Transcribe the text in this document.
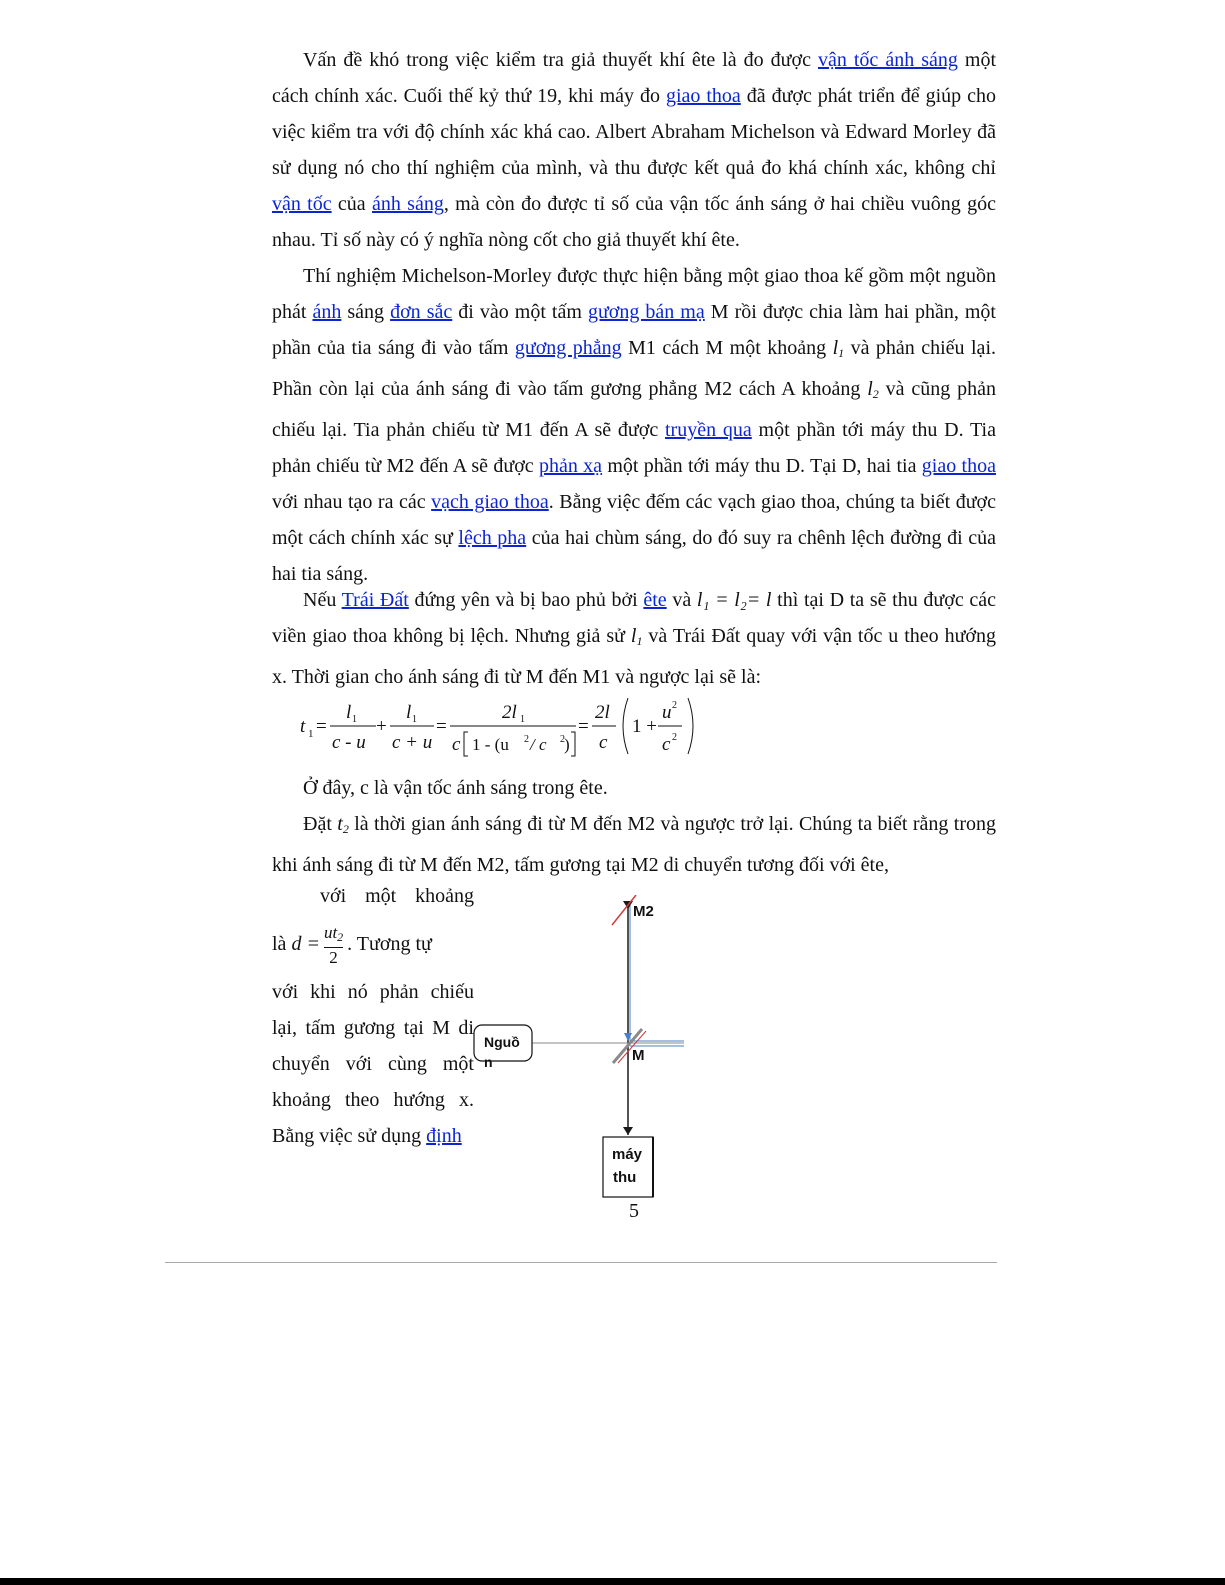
Vấn đề khó trong việc kiểm tra giả thuyết khí ête là đo được vận tốc ánh sáng một cách chính xác. Cuối thế kỷ thứ 19, khi máy đo giao thoa đã được phát triển để giúp cho việc kiểm tra với độ chính xác khá cao. Albert Abraham Michelson và Edward Morley đã sử dụng nó cho thí nghiệm của mình, và thu được kết quả đo khá chính xác, không chỉ vận tốc của ánh sáng, mà còn đo được tỉ số của vận tốc ánh sáng ở hai chiều vuông góc nhau. Tỉ số này có ý nghĩa nòng cốt cho giả thuyết khí ête.

Thí nghiệm Michelson-Morley được thực hiện bằng một giao thoa kế gồm một nguồn phát ánh sáng đơn sắc đi vào một tấm gương bán mạ M rồi được chia làm hai phần, một phần của tia sáng đi vào tấm gương phẳng M1 cách M một khoảng $l_1$ và phản chiếu lại. Phần còn lại của ánh sáng đi vào tấm gương phẳng M2 cách A khoảng $l_2$ và cũng phản chiếu lại. Tia phản chiếu từ M1 đến A sẽ được truyền qua một phần tới máy thu D. Tia phản chiếu từ M2 đến A sẽ được phản xạ một phần tới máy thu D. Tại D, hai tia giao thoa với nhau tạo ra các vạch giao thoa. Bằng việc đếm các vạch giao thoa, chúng ta biết được một cách chính xác sự lệch pha của hai chùm sáng, do đó suy ra chênh lệch đường đi của hai tia sáng.

Nếu Trái Đất đứng yên và bị bao phủ bởi ête và l₁ = l₂= l thì tại D ta sẽ thu được các viền giao thoa không bị lệch. Nhưng giả sử $l_1$ và Trái Đất quay với vận tốc u theo hướng x. Thời gian cho ánh sáng đi từ M đến M1 và ngược lại sẽ là:

t 1 =
l 1
c - u
+
l 1
c + u
=
2l 1
c 1 - (u 2 / c 2 )
=
2l
c
1 +
u 2
c 2

Ở đây, c là vận tốc ánh sáng trong ête.

Đặt $t_2$ là thời gian ánh sáng đi từ M đến M2 và ngược trở lại. Chúng ta biết rằng trong khi ánh sáng đi từ M đến M2, tấm gương tại M2 di chuyển tương đối với ête,

với một khoảng
là $d = \frac{ut_2}{2}$ . Tương tự
với khi nó phản chiếu
lại, tấm gương tại M di
chuyển với cùng một
khoảng theo hướng x.
Bằng việc sử dụng định
M2
M
Nguồ
n
máy
thu
5
